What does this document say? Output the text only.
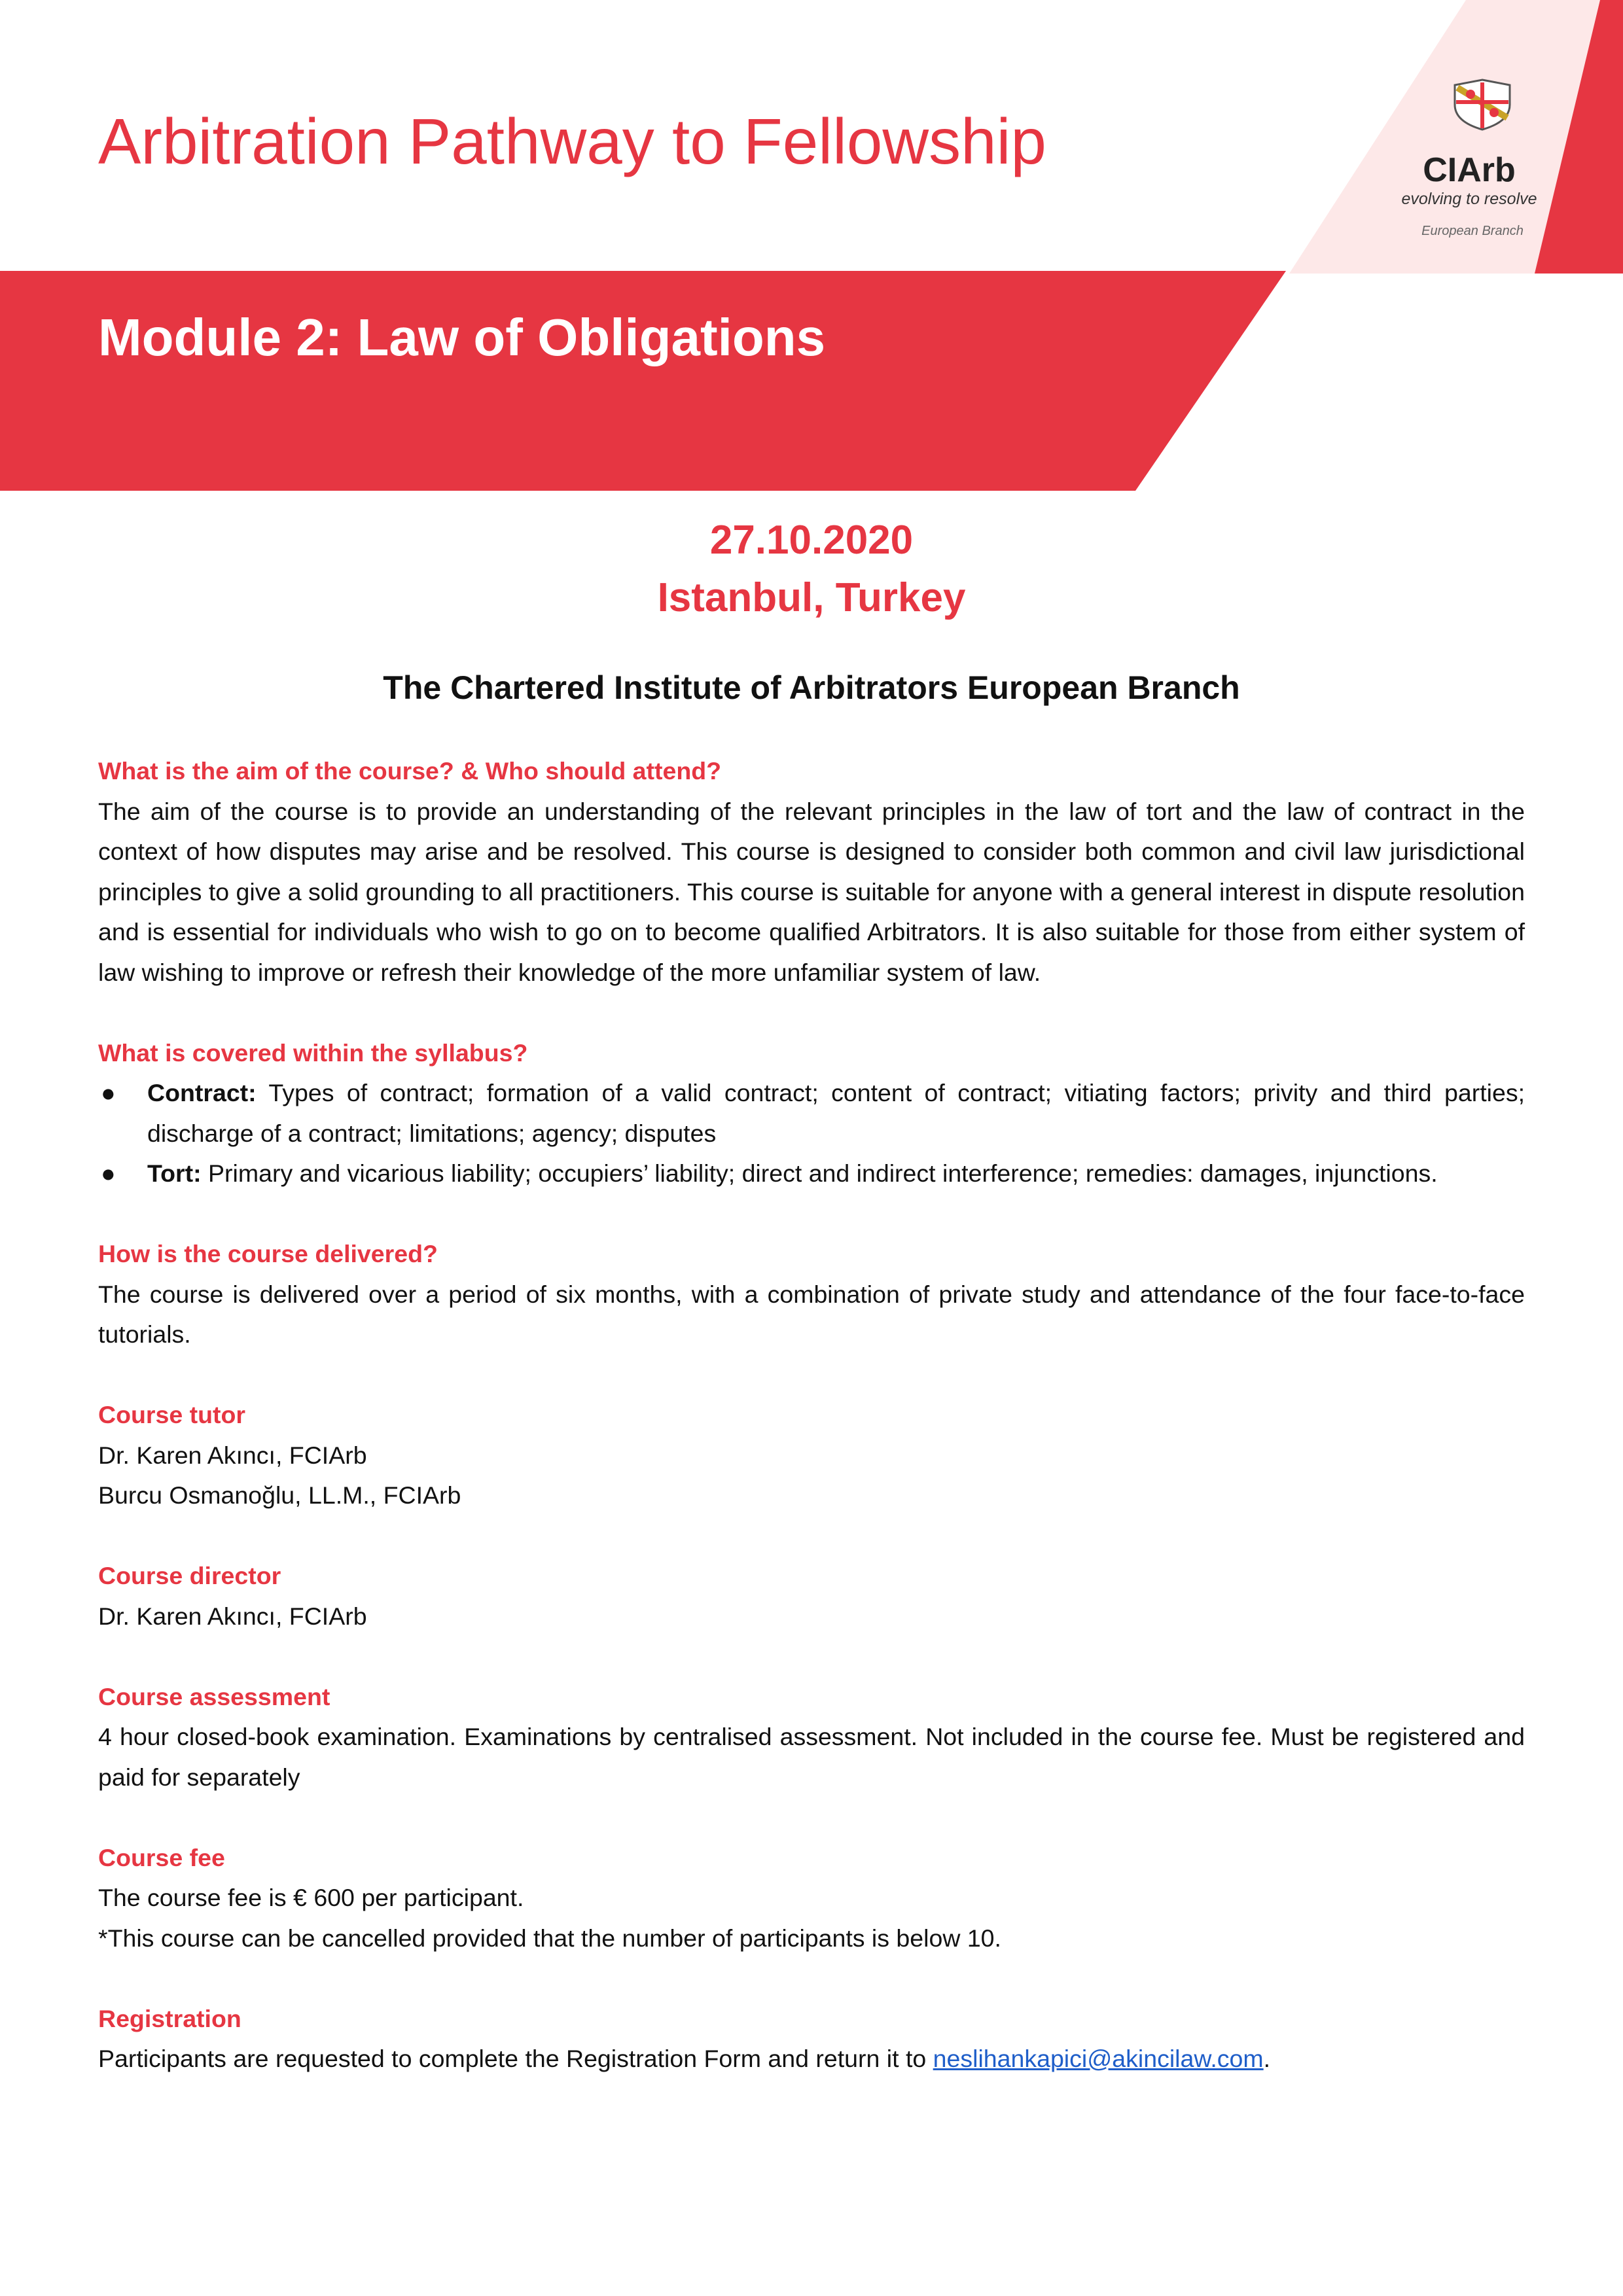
Arbitration Pathway to Fellowship
Module 2: Law of Obligations
CIArb
evolving to resolve
European Branch
27.10.2020
Istanbul, Turkey
The Chartered Institute of Arbitrators European Branch
What is the aim of the course? & Who should attend?

The aim of the course is to provide an understanding of the relevant principles in the law of tort and the law of contract in the context of how disputes may arise and be resolved. This course is designed to consider both common and civil law jurisdictional principles to give a solid grounding to all practitioners. This course is suitable for anyone with a general interest in dispute resolution and is essential for individuals who wish to go on to become qualified Arbitrators. It is also suitable for those from either system of law wishing to improve or refresh their knowledge of the more unfamiliar system of law.

What is covered within the syllabus?
● Contract: Types of contract; formation of a valid contract; content of contract; vitiating factors; privity and third parties; discharge of a contract; limitations; agency; disputes
● Tort: Primary and vicarious liability; occupiers’ liability; direct and indirect interference; remedies: damages, injunctions.
How is the course delivered?

The course is delivered over a period of six months, with a combination of private study and attendance of the four face-to-face tutorials.

Course tutor

Dr. Karen Akıncı, FCIArb

Burcu Osmanoğlu, LL.M., FCIArb

Course director

Dr. Karen Akıncı, FCIArb

Course assessment

4 hour closed-book examination. Examinations by centralised assessment. Not included in the course fee. Must be registered and paid for separately

Course fee

The course fee is € 600 per participant.

*This course can be cancelled provided that the number of participants is below 10.

Registration

Participants are requested to complete the Registration Form and return it to neslihankapici@akincilaw.com.
